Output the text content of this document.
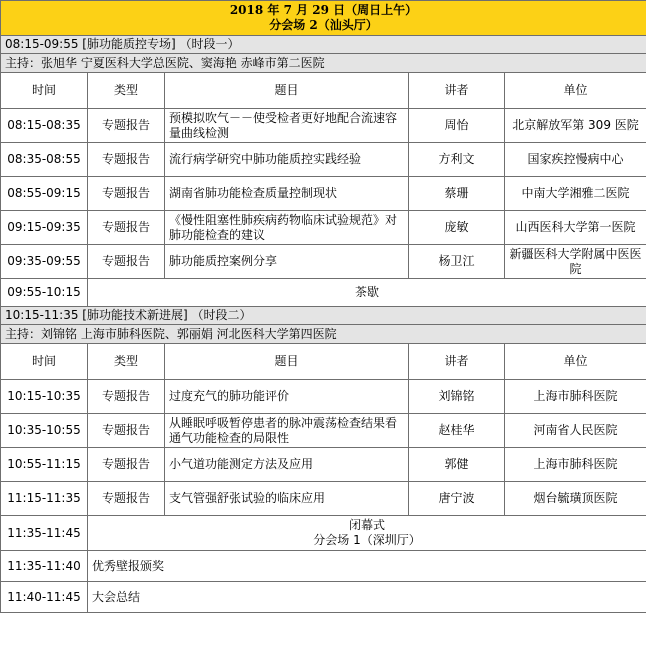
2018 年 7 月 29 日（周日上午）
分会场 2（汕头厅）				

08:15-09:55 [肺功能质控专场] （时段一）				
主持：张旭华 宁夏医科大学总医院、窦海艳 赤峰市第二医院				
时间	类型	题目	讲者	单位
08:15-08:35	专题报告	预模拟吹气－－使受检者更好地配合流速容量曲线检测	周怡	北京解放军第 309 医院
08:35-08:55	专题报告	流行病学研究中肺功能质控实践经验	方利文	国家疾控慢病中心
08:55-09:15	专题报告	湖南省肺功能检查质量控制现状	蔡珊	中南大学湘雅二医院
09:15-09:35	专题报告	《慢性阻塞性肺疾病药物临床试验规范》对肺功能检查的建议	庞敏	山西医科大学第一医院
09:35-09:55	专题报告	肺功能质控案例分享	杨卫江	新疆医科大学附属中医医院
09:55-10:15	茶歇			
10:15-11:35 [肺功能技术新进展] （时段二）				
主持：刘锦铭 上海市肺科医院、郭丽娟 河北医科大学第四医院				
时间	类型	题目	讲者	单位
10:15-10:35	专题报告	过度充气的肺功能评价	刘锦铭	上海市肺科医院
10:35-10:55	专题报告	从睡眠呼吸暂停患者的脉冲震荡检查结果看通气功能检查的局限性	赵桂华	河南省人民医院
10:55-11:15	专题报告	小气道功能测定方法及应用	郭健	上海市肺科医院
11:15-11:35	专题报告	支气管强舒张试验的临床应用	唐宁波	烟台毓璜顶医院
11:35-11:45	闭幕式
分会场 1（深圳厅）			

11:35-11:40	优秀壁报颁奖			
11:40-11:45	大会总结			
